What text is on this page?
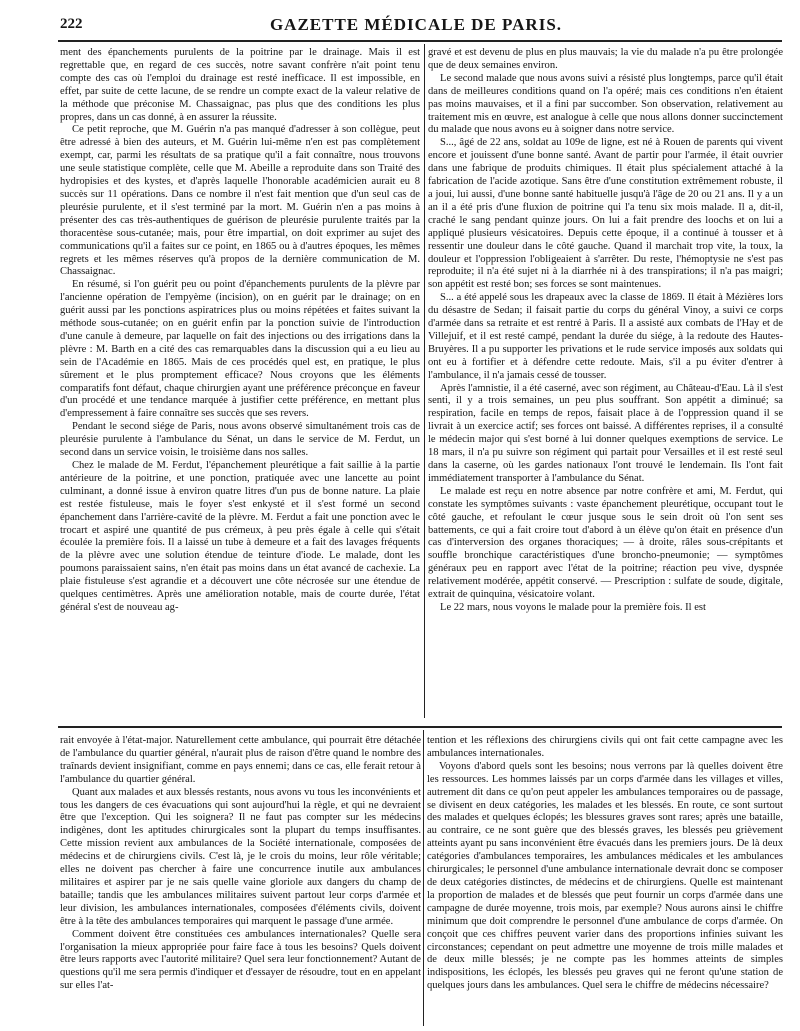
222	GAZETTE MÉDICALE DE PARIS.

ment des épanchements purulents de la poitrine par le drainage. Mais il est regrettable que, en regard de ces succès, notre savant confrère n'ait point tenu compte des cas où l'emploi du drainage est resté inefficace. Il est impossible, en effet, par suite de cette lacune, de se rendre un compte exact de la valeur relative de la méthode que préconise M. Chassaignac, pas plus que des conditions les plus propres, dans un cas donné, à en assurer la réussite.

Ce petit reproche, que M. Guérin n'a pas manqué d'adresser à son collègue, peut être adressé à bien des auteurs, et M. Guérin lui-même n'en est pas complètement exempt, car, parmi les résultats de sa pratique qu'il a fait connaître, nous trouvons une seule statistique complète, celle que M. Abeille a reproduite dans son Traité des hydropisies et des kystes, et d'après laquelle l'honorable académicien aurait eu 8 succès sur 11 opérations. Dans ce nombre il n'est fait mention que d'un seul cas de pleurésie purulente, et il s'est terminé par la mort. M. Guérin n'en a pas moins à présenter des cas très-authentiques de guérison de pleurésie purulente traités par la thoracentèse sous-cutanée; mais, pour être impartial, on doit exprimer au sujet des communications qu'il a faites sur ce point, en 1865 ou à d'autres époques, les mêmes regrets et les mêmes réserves qu'à propos de la dernière communication de M. Chassaignac.

En résumé, si l'on guérit peu ou point d'épanchements purulents de la plèvre par l'ancienne opération de l'empyème (incision), on en guérit par le drainage; on en guérit aussi par les ponctions aspiratrices plus ou moins répétées et faites suivant la méthode sous-cutanée; on en guérit enfin par la ponction suivie de l'introduction d'une canule à demeure, par laquelle on fait des injections ou des irrigations dans la plèvre : M. Barth en a cité des cas remarquables dans la discussion qui a eu lieu au sein de l'Académie en 1865. Mais de ces procédés quel est, en pratique, le plus sûrement et le plus promptement efficace? Nous croyons que les éléments comparatifs font défaut, chaque chirurgien ayant une préférence préconçue en faveur d'un procédé et une tendance marquée à justifier cette préférence, en mettant plus d'empressement à faire connaître ses succès que ses revers.

Pendant le second siége de Paris, nous avons observé simultanément trois cas de pleurésie purulente à l'ambulance du Sénat, un dans le service de M. Ferdut, un second dans un service voisin, le troisième dans nos salles.

Chez le malade de M. Ferdut, l'épanchement pleurétique a fait saillie à la partie antérieure de la poitrine, et une ponction, pratiquée avec une lancette au point culminant, a donné issue à environ quatre litres d'un pus de bonne nature. La plaie est restée fistuleuse, mais le foyer s'est enkysté et il s'est formé un second épanchement dans l'arrière-cavité de la plèvre. M. Ferdut a fait une ponction avec le trocart et aspiré une quantité de pus crémeux, à peu près égale à celle qui s'était écoulée la première fois. Il a laissé un tube à demeure et a fait des lavages fréquents de la plèvre avec une solution étendue de teinture d'iode. Le malade, dont les poumons paraissaient sains, n'en était pas moins dans un état avancé de cachexie. La plaie fistuleuse s'est agrandie et a découvert une côte nécrosée sur une étendue de quelques centimètres. Après une amélioration notable, mais de courte durée, l'état général s'est de nouveau ag-

gravé et est devenu de plus en plus mauvais; la vie du malade n'a pu être prolongée que de deux semaines environ.

Le second malade que nous avons suivi a résisté plus longtemps, parce qu'il était dans de meilleures conditions quand on l'a opéré; mais ces conditions n'en étaient pas moins mauvaises, et il a fini par succomber. Son observation, relativement au traitement mis en œuvre, est analogue à celle que nous allons donner succinctement du malade que nous avons eu à soigner dans notre service.

S..., âgé de 22 ans, soldat au 109e de ligne, est né à Rouen de parents qui vivent encore et jouissent d'une bonne santé. Avant de partir pour l'armée, il était ouvrier dans une fabrique de produits chimiques. Il était plus spécialement attaché à la fabrication de l'acide azotique. Sans être d'une constitution extrêmement robuste, il a joui, lui aussi, d'une bonne santé habituelle jusqu'à l'âge de 20 ou 21 ans. Il y a un an il a été pris d'une fluxion de poitrine qui l'a tenu six mois malade. Il a, dit-il, craché le sang pendant quinze jours. On lui a fait prendre des loochs et on lui a appliqué plusieurs vésicatoires. Depuis cette époque, il a continué à tousser et à ressentir une douleur dans le côté gauche. Quand il marchait trop vite, la toux, la douleur et l'oppression l'obligeaient à s'arrêter. Du reste, l'hémoptysie ne s'est pas reproduite; il n'a été sujet ni à la diarrhée ni à des transpirations; il n'a pas maigri; son appétit est resté bon; ses forces se sont maintenues.

S... a été appelé sous les drapeaux avec la classe de 1869. Il était à Mézières lors du désastre de Sedan; il faisait partie du corps du général Vinoy, a suivi ce corps d'armée dans sa retraite et est rentré à Paris. Il a assisté aux combats de l'Hay et de Villejuif, et il est resté campé, pendant la durée du siége, à la redoute des Hautes-Bruyères. Il a pu supporter les privations et le rude service imposés aux soldats qui ont eu à fortifier et à défendre cette redoute. Mais, s'il a pu éviter d'entrer à l'ambulance, il n'a jamais cessé de tousser.

Après l'amnistie, il a été caserné, avec son régiment, au Château-d'Eau. Là il s'est senti, il y a trois semaines, un peu plus souffrant. Son appétit a diminué; sa respiration, facile en temps de repos, faisait place à de l'oppression quand il se livrait à un exercice actif; ses forces ont baissé. A différentes reprises, il a consulté le médecin major qui s'est borné à lui donner quelques exemptions de service. Le 18 mars, il n'a pu suivre son régiment qui partait pour Versailles et il est resté seul dans la caserne, où les gardes nationaux l'ont trouvé le lendemain. Ils l'ont fait immédiatement transporter à l'ambulance du Sénat.

Le malade est reçu en notre absence par notre confrère et ami, M. Ferdut, qui constate les symptômes suivants : vaste épanchement pleurétique, occupant tout le côté gauche, et refoulant le cœur jusque sous le sein droit où l'on sent ses battements, ce qui a fait croire tout d'abord à un élève qu'on était en présence d'un cas d'interversion des organes thoraciques; — à droite, râles sous-crépitants et souffle bronchique caractéristiques d'une broncho-pneumonie; — symptômes généraux peu en rapport avec l'état de la poitrine; réaction peu vive, dyspnée relativement modérée, appétit conservé. — Prescription : sulfate de soude, digitale, extrait de quinquina, vésicatoire volant.

Le 22 mars, nous voyons le malade pour la première fois. Il est

rait envoyée à l'état-major. Naturellement cette ambulance, qui pourrait être détachée de l'ambulance du quartier général, n'aurait plus de raison d'être quand le nombre des traînards devient insignifiant, comme en pays ennemi; dans ce cas, elle ferait retour à l'ambulance du quartier général.

Quant aux malades et aux blessés restants, nous avons vu tous les inconvénients et tous les dangers de ces évacuations qui sont aujourd'hui la règle, et qui ne devraient être que l'exception. Qui les soignera? Il ne faut pas compter sur les médecins indigènes, dont les aptitudes chirurgicales sont la plupart du temps insuffisantes. Cette mission revient aux ambulances de la Société internationale, composées de médecins et de chirurgiens civils. C'est là, je le crois du moins, leur rôle véritable; elles ne doivent pas chercher à faire une concurrence inutile aux ambulances militaires et aspirer par je ne sais quelle vaine gloriole aux dangers du champ de bataille; tandis que les ambulances militaires suivent partout leur corps d'armée et leur division, les ambulances internationales, composées d'éléments civils, doivent être à la tête des ambulances temporaires qui marquent le passage d'une armée.

Comment doivent être constituées ces ambulances internationales? Quelle sera l'organisation la mieux appropriée pour faire face à tous les besoins? Quels doivent être leurs rapports avec l'autorité militaire? Quel sera leur fonctionnement? Autant de questions qu'il me sera permis d'indiquer et d'essayer de résoudre, tout en en appelant sur elles l'at-

tention et les réflexions des chirurgiens civils qui ont fait cette campagne avec les ambulances internationales.

Voyons d'abord quels sont les besoins; nous verrons par là quelles doivent être les ressources. Les hommes laissés par un corps d'armée dans les villages et villes, autrement dit dans ce qu'on peut appeler les ambulances temporaires ou de passage, se divisent en deux catégories, les malades et les blessés. En route, ce sont surtout des malades et quelques éclopés; les blessures graves sont rares; après une bataille, au contraire, ce ne sont guère que des blessés graves, les blessés peu grièvement atteints ayant pu sans inconvénient être évacués dans les premiers jours. De là deux catégories d'ambulances temporaires, les ambulances médicales et les ambulances chirurgicales; le personnel d'une ambulance internationale devrait donc se composer de deux catégories distinctes, de médecins et de chirurgiens. Quelle est maintenant la proportion de malades et de blessés que peut fournir un corps d'armée dans une campagne de durée moyenne, trois mois, par exemple? Nous aurons ainsi le chiffre minimum que doit comprendre le personnel d'une ambulance de corps d'armée. On conçoit que ces chiffres peuvent varier dans des proportions infinies suivant les circonstances; cependant on peut admettre une moyenne de trois mille malades et de deux mille blessés; je ne compte pas les hommes atteints de simples indispositions, les éclopés, les blessés peu graves qui ne feront qu'une station de quelques jours dans les ambulances. Quel sera le chiffre de médecins nécessaire?
